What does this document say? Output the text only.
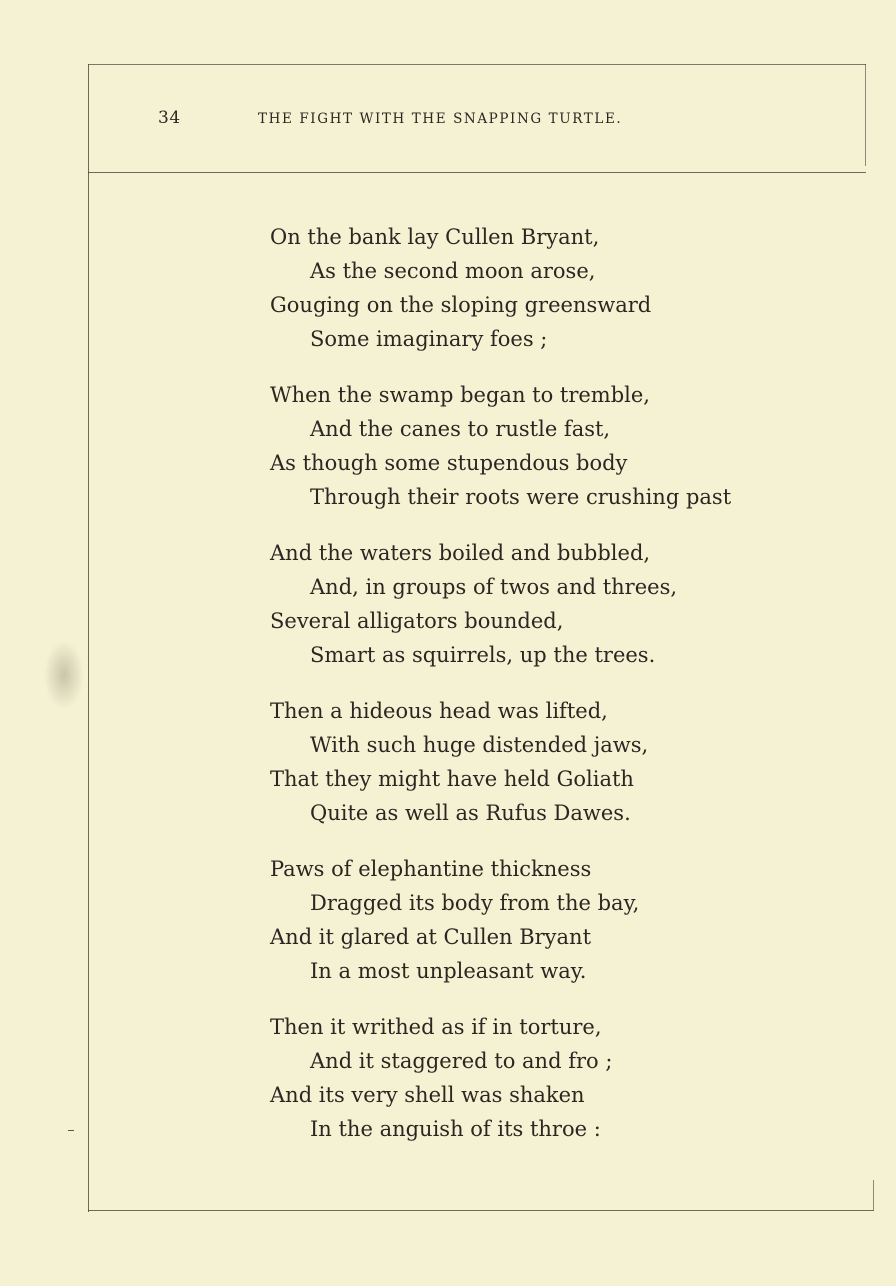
34	THE FIGHT WITH THE SNAPPING TURTLE.
On the bank lay Cullen Bryant,
As the second moon arose,
Gouging on the sloping greensward
Some imaginary foes ;
When the swamp began to tremble,
And the canes to rustle fast,
As though some stupendous body
Through their roots were crushing past
And the waters boiled and bubbled,
And, in groups of twos and threes,
Several alligators bounded,
Smart as squirrels, up the trees.
Then a hideous head was lifted,
With such huge distended jaws,
That they might have held Goliath
Quite as well as Rufus Dawes.
Paws of elephantine thickness
Dragged its body from the bay,
And it glared at Cullen Bryant
In a most unpleasant way.
Then it writhed as if in torture,
And it staggered to and fro ;
And its very shell was shaken
In the anguish of its throe :
